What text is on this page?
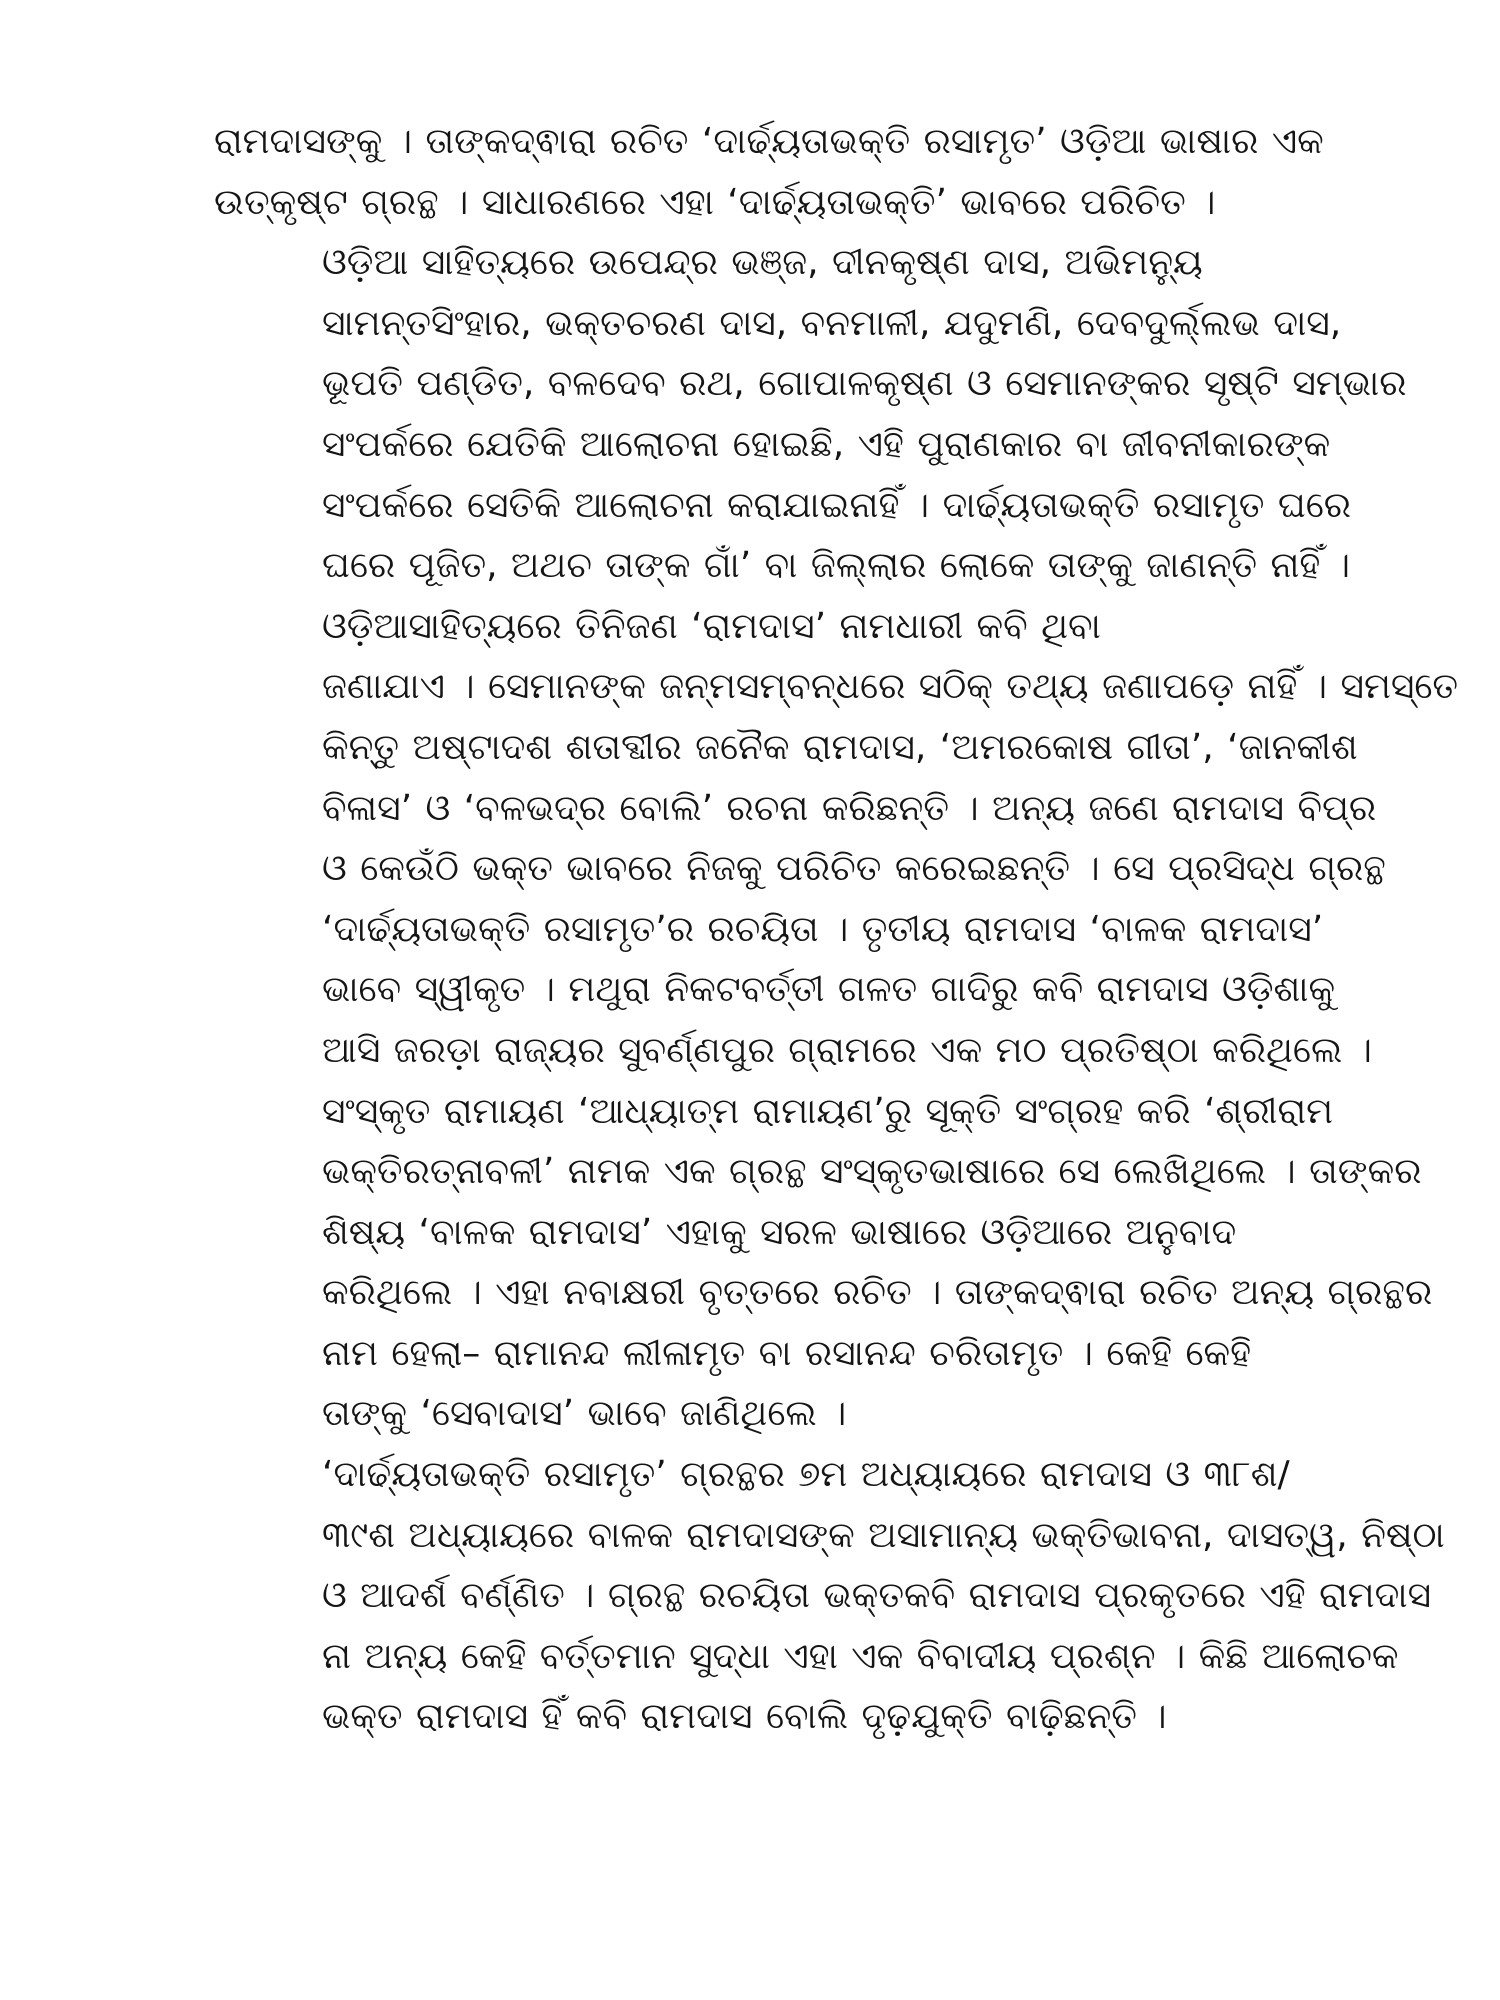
ରାମଦାସଙ୍କୁ । ତାଙ୍କଦ୍ଵାରା ରଚିତ ‘ଦାର୍ଢ୍ୟତାଭକ୍ତି ରସାମୃତ’ ଓଡ଼ିଆ ଭାଷାର ଏକ
ଉତ୍କୃଷ୍ଟ ଗ୍ରନ୍ଥ । ସାଧାରଣରେ ଏହା ‘ଦାର୍ଢ୍ୟତାଭକ୍ତି’ ଭାବରେ ପରିଚିତ ।

ଓଡ଼ିଆ ସାହିତ୍ୟରେ ଉପେନ୍ଦ୍ର ଭଞ୍ଜ, ଦୀନକୃଷ୍ଣ ଦାସ, ଅଭିମନ୍ୟୁ
ସାମନ୍ତସିଂହାର, ଭକ୍ତଚରଣ ଦାସ, ବନମାଳୀ, ଯଦୁମଣି, ଦେବଦୁର୍ଲ୍ଲଭ ଦାସ,
ଭୂପତି ପଣ୍ଡିତ, ବଳଦେବ ରଥ, ଗୋପାଳକୃଷ୍ଣ ଓ ସେମାନଙ୍କର ସୃଷ୍ଟି ସମ୍ଭାର
ସଂପର୍କରେ ଯେତିକି ଆଲୋଚନା ହୋଇଛି, ଏହି ପୁରାଣକାର ବା ଜୀବନୀକାରଙ୍କ
ସଂପର୍କରେ ସେତିକି ଆଲୋଚନା କରାଯାଇନାହିଁ । ଦାର୍ଢ୍ୟତାଭକ୍ତି ରସାମୃତ ଘରେ
ଘରେ ପୂଜିତ, ଅଥଚ ତାଙ୍କ ଗାଁ’ ବା ଜିଲ୍ଲାର ଲୋକେ ତାଙ୍କୁ ଜାଣନ୍ତି ନାହିଁ ।

ଓଡ଼ିଆସାହିତ୍ୟରେ ତିନିଜଣ ‘ରାମଦାସ’ ନାମଧାରୀ କବି ଥିବା
ଜଣାଯାଏ । ସେମାନଙ୍କ ଜନ୍ମସମ୍ବନ୍ଧରେ ସଠିକ୍ ତଥ୍ୟ ଜଣାପଡ଼େ ନାହିଁ । ସମସ୍ତେ
କିନ୍ତୁ ଅଷ୍ଟାଦଶ ଶତାବ୍ଦୀର ଜନୈକ ରାମଦାସ, ‘ଅମରକୋଷ ଗୀତା’, ‘ଜାନକୀଶ
ବିଳାସ’ ଓ ‘ବଳଭଦ୍ର ବୋଲି’ ରଚନା କରିଛନ୍ତି । ଅନ୍ୟ ଜଣେ ରାମଦାସ ବିପ୍ର
ଓ କେଉଁଠି ଭକ୍ତ ଭାବରେ ନିଜକୁ ପରିଚିତ କରେଇଛନ୍ତି । ସେ ପ୍ରସିଦ୍ଧ ଗ୍ରନ୍ଥ
‘ଦାର୍ଢ୍ୟତାଭକ୍ତି ରସାମୃତ’ର ରଚୟିତା । ତୃତୀୟ ରାମଦାସ ‘ବାଳକ ରାମଦାସ’
ଭାବେ ସ୍ୱୀକୃତ । ମଥୁରା ନିକଟବର୍ତ୍ତୀ ଗଳତ ଗାଦିରୁ କବି ରାମଦାସ ଓଡ଼ିଶାକୁ
ଆସି ଜରଡ଼ା ରାଜ୍ୟର ସୁବର୍ଣ୍ଣପୁର ଗ୍ରାମରେ ଏକ ମଠ ପ୍ରତିଷ୍ଠା କରିଥିଲେ ।
ସଂସ୍କୃତ ରାମାୟଣ ‘ଆଧ୍ୟାତ୍ମ ରାମାୟଣ’ରୁ ସୂକ୍ତି ସଂଗ୍ରହ କରି ‘ଶ୍ରୀରାମ
ଭକ୍ତିରତ୍ନାବଳୀ’ ନାମକ ଏକ ଗ୍ରନ୍ଥ ସଂସ୍କୃତଭାଷାରେ ସେ ଲେଖିଥିଲେ । ତାଙ୍କର
ଶିଷ୍ୟ ‘ବାଳକ ରାମଦାସ’ ଏହାକୁ ସରଳ ଭାଷାରେ ଓଡ଼ିଆରେ ଅନୁବାଦ
କରିଥିଲେ । ଏହା ନବାକ୍ଷରୀ ବୃତ୍ତରେ ରଚିତ । ତାଙ୍କଦ୍ଵାରା ରଚିତ ଅନ୍ୟ ଗ୍ରନ୍ଥର
ନାମ ହେଲା– ରାମାନନ୍ଦ ଲୀଳାମୃତ ବା ରସାନନ୍ଦ ଚରିତାମୃତ । କେହି କେହି
ତାଙ୍କୁ ‘ସେବାଦାସ’ ଭାବେ ଜାଣିଥିଲେ ।

‘ଦାର୍ଢ୍ୟତାଭକ୍ତି ରସାମୃତ’ ଗ୍ରନ୍ଥର ୭ମ ଅଧ୍ୟାୟରେ ରାମଦାସ ଓ ୩୮ଶ/
୩୯ଶ ଅଧ୍ୟାୟରେ ବାଳକ ରାମଦାସଙ୍କ ଅସାମାନ୍ୟ ଭକ୍ତିଭାବନା, ଦାସତ୍ୱ, ନିଷ୍ଠା
ଓ ଆଦର୍ଶ ବର୍ଣ୍ଣିତ । ଗ୍ରନ୍ଥ ରଚୟିତା ଭକ୍ତକବି ରାମଦାସ ପ୍ରକୃତରେ ଏହି ରାମଦାସ
ନା ଅନ୍ୟ କେହି ବର୍ତ୍ତମାନ ସୁଦ୍ଧା ଏହା ଏକ ବିବାଦୀୟ ପ୍ରଶ୍ନ । କିଛି ଆଲୋଚକ
ଭକ୍ତ ରାମଦାସ ହିଁ କବି ରାମଦାସ ବୋଲି ଦୃଢ଼ଯୁକ୍ତି ବାଢ଼ିଛନ୍ତି ।
